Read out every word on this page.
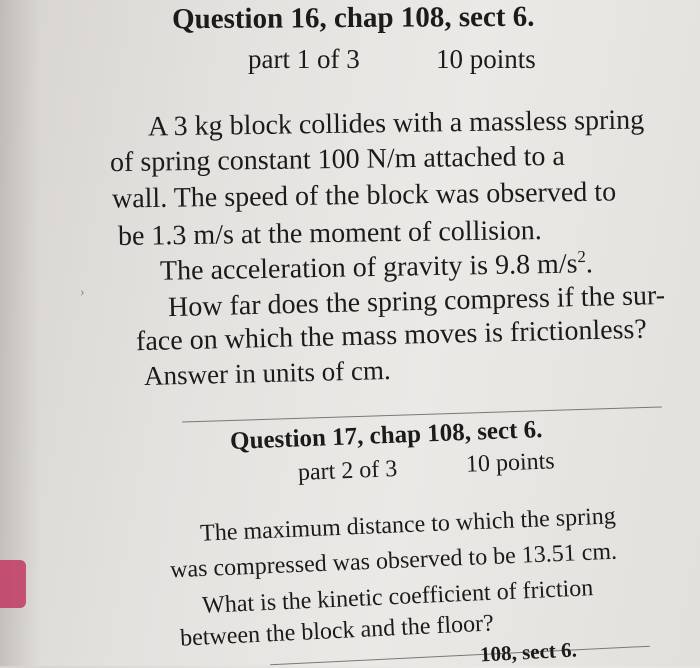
Question 16, chap 108, sect 6.
part 1 of 3	10 points
A 3 kg block collides with a massless spring
of spring constant 100 N/m attached to a
wall. The speed of the block was observed to
be 1.3 m/s at the moment of collision.
The acceleration of gravity is 9.8 $m/s^2$.
How far does the spring compress if the sur-
face on which the mass moves is frictionless?
Answer in units of cm.
›
Question 17, chap 108, sect 6.
part 2 of 3	10 points
The maximum distance to which the spring
was compressed was observed to be 13.51 cm.
What is the kinetic coefficient of friction
between the block and the floor?
108, sect 6.
